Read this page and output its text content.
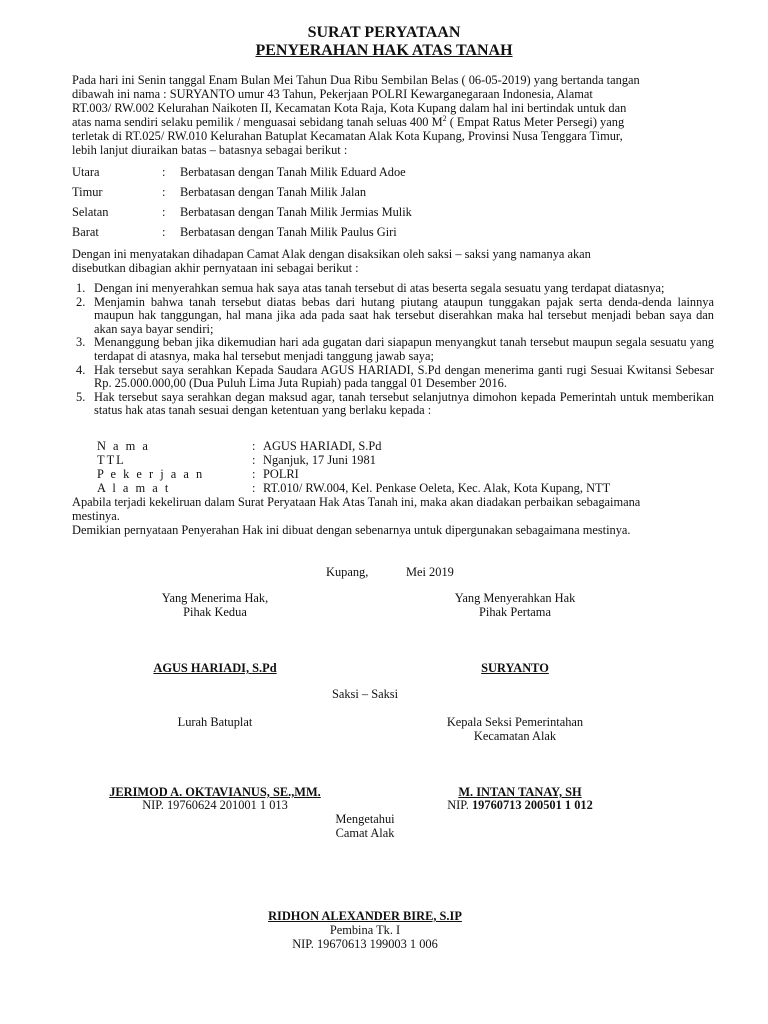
SURAT PERYATAAN
PENYERAHAN HAK ATAS TANAH
Pada hari ini Senin tanggal Enam Bulan Mei Tahun Dua Ribu Sembilan Belas ( 06-05-2019) yang bertanda tangan
dibawah ini nama : SURYANTO umur 43 Tahun, Pekerjaan POLRI Kewarganegaraan Indonesia, Alamat
RT.003/ RW.002 Kelurahan Naikoten II, Kecamatan Kota Raja, Kota Kupang dalam hal ini bertindak untuk dan
atas nama sendiri selaku pemilik / menguasai sebidang tanah seluas 400 $M^2$ ( Empat Ratus Meter Persegi) yang
terletak di RT.025/ RW.010 Kelurahan Batuplat Kecamatan Alak Kota Kupang, Provinsi Nusa Tenggara Timur,
lebih lanjut diuraikan batas – batasnya sebagai berikut :
Utara	: Berbatasan dengan Tanah Milik Eduard Adoe
Timur	: Berbatasan dengan Tanah Milik Jalan
Selatan	: Berbatasan dengan Tanah Milik Jermias Mulik
Barat	: Berbatasan dengan Tanah Milik Paulus Giri
Dengan ini menyatakan dihadapan Camat Alak dengan disaksikan oleh saksi – saksi yang namanya akan
disebutkan dibagian akhir pernyataan ini sebagai berikut :
1. Dengan ini menyerahkan semua hak saya atas tanah tersebut di atas beserta segala sesuatu yang terdapat diatasnya;
2. Menjamin bahwa tanah tersebut diatas bebas dari hutang piutang ataupun tunggakan pajak serta denda-denda lainnya maupun hak tanggungan, hal mana jika ada pada saat hak tersebut diserahkan maka hal tersebut menjadi beban saya dan akan saya bayar sendiri;
3. Menanggung beban jika dikemudian hari ada gugatan dari siapapun menyangkut tanah tersebut maupun segala sesuatu yang terdapat di atasnya, maka hal tersebut menjadi tanggung jawab saya;
4. Hak tersebut saya serahkan Kepada Saudara AGUS HARIADI, S.Pd dengan menerima ganti rugi Sesuai Kwitansi Sebesar Rp. 25.000.000,00 (Dua Puluh Lima Juta Rupiah) pada tanggal 01 Desember 2016.
5. Hak tersebut saya serahkan degan maksud agar, tanah tersebut selanjutnya dimohon kepada Pemerintah untuk memberikan status hak atas tanah sesuai dengan ketentuan yang berlaku kepada :
N a m a	: AGUS HARIADI, S.Pd
TTL	: Nganjuk, 17 Juni 1981
P e k e r j a a n	: POLRI
A l a m a t	: RT.010/ RW.004, Kel. Penkase Oeleta, Kec. Alak, Kota Kupang, NTT
Apabila terjadi kekeliruan dalam Surat Peryataan Hak Atas Tanah ini, maka akan diadakan perbaikan sebagaimana
mestinya.
Demikian pernyataan Penyerahan Hak ini dibuat dengan sebenarnya untuk dipergunakan sebagaimana mestinya.
Kupang,	Mei 2019
Yang Menerima Hak,
Pihak Kedua
Yang Menyerahkan Hak
Pihak Pertama
AGUS HARIADI, S.Pd	SURYANTO
Saksi – Saksi
Lurah Batuplat	Kepala Seksi Pemerintahan
Kecamatan Alak
JERIMOD A. OKTAVIANUS, SE.,MM.
NIP. 19760624 201001 1 013
M. INTAN TANAY, SH
NIP. 19760713 200501 1 012
Mengetahui
Camat Alak
RIDHON ALEXANDER BIRE, S.IP
Pembina Tk. I
NIP. 19670613 199003 1 006
